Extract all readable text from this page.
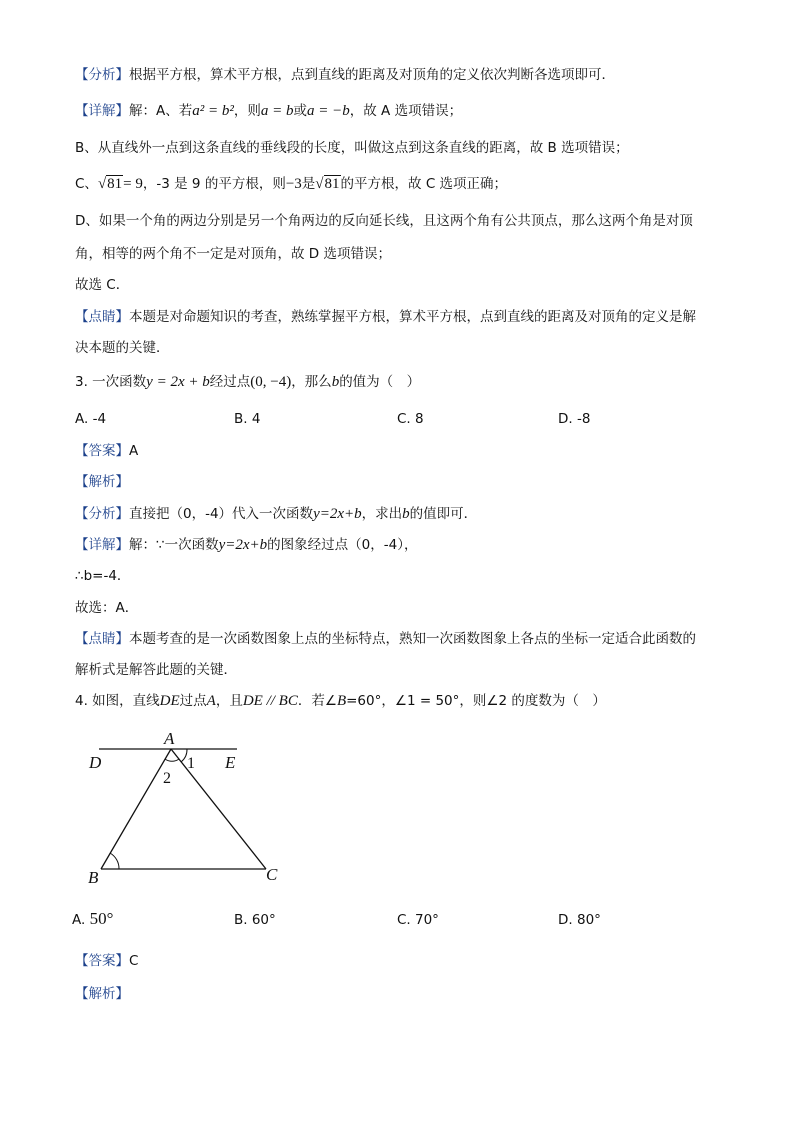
【分析】根据平方根，算术平方根，点到直线的距离及对顶角的定义依次判断各选项即可．
【详解】解：A、若a² = b²，则a = b或a = −b，故 A 选项错误；
B、从直线外一点到这条直线的垂线段的长度，叫做这点到这条直线的距离，故 B 选项错误；
C、√81= 9，-3 是 9 的平方根，则−3是√81的平方根，故 C 选项正确；
D、如果一个角的两边分别是另一个角两边的反向延长线，且这两个角有公共顶点，那么这两个角是对顶
角，相等的两个角不一定是对顶角，故 D 选项错误；
故选 C．
【点睛】本题是对命题知识的考查，熟练掌握平方根，算术平方根，点到直线的距离及对顶角的定义是解
决本题的关键．
3. 一次函数y = 2x + b经过点(0, −4)，那么b的值为（　）
A. -4	B. 4	C. 8	D. -8
【答案】A
【解析】
【分析】直接把（0，-4）代入一次函数y=2x+b，求出b的值即可．
【详解】解：∵一次函数y=2x+b的图象经过点（0，-4），
∴b=-4．
故选：A．
【点睛】本题考查的是一次函数图象上点的坐标特点，熟知一次函数图象上各点的坐标一定适合此函数的
解析式是解答此题的关键．
4. 如图，直线DE过点A，且DE // BC．若∠B=60°，∠1 = 50°，则∠2 的度数为（　）
A
D	E
B	C
1
2
A. 50°	B. 60°	C. 70°	D. 80°
【答案】C
【解析】
